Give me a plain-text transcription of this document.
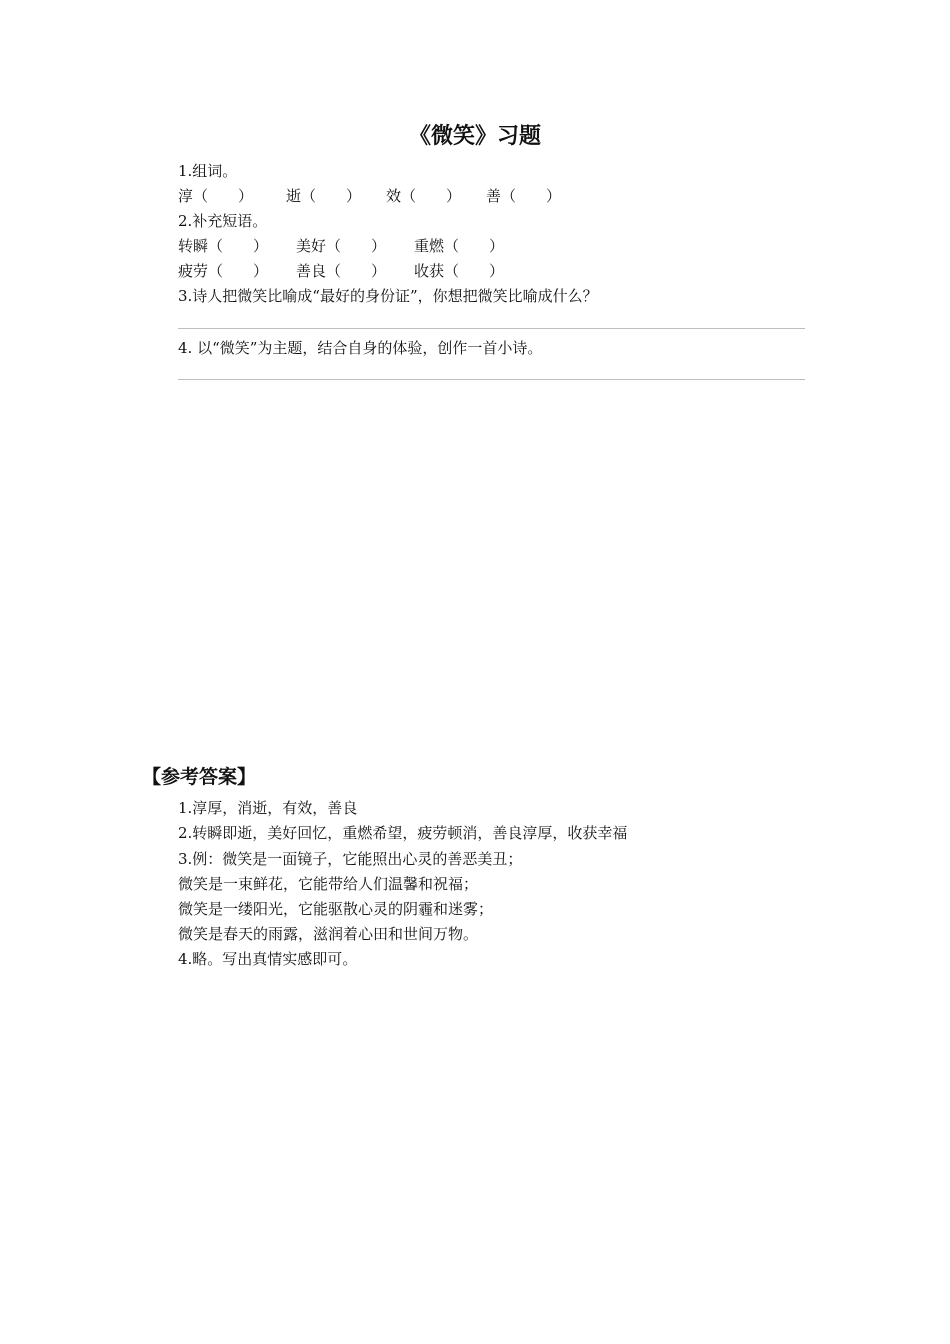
《微笑》习题

1.组词。

淳（　　） 逝（　　） 效（　　） 善（　　）

2.补充短语。

转瞬（　　） 美好（　　） 重燃（　　）
疲劳（　　） 善良（　　） 收获（　　）

3.诗人把微笑比喻成“最好的身份证”，你想把微笑比喻成什么？

4. 以“微笑”为主题，结合自身的体验，创作一首小诗。

【参考答案】

1.淳厚，消逝，有效，善良

2.转瞬即逝，美好回忆，重燃希望，疲劳顿消，善良淳厚，收获幸福

3.例：微笑是一面镜子，它能照出心灵的善恶美丑；

微笑是一束鲜花，它能带给人们温馨和祝福；

微笑是一缕阳光，它能驱散心灵的阴霾和迷雾；

微笑是春天的雨露，滋润着心田和世间万物。

4.略。写出真情实感即可。
